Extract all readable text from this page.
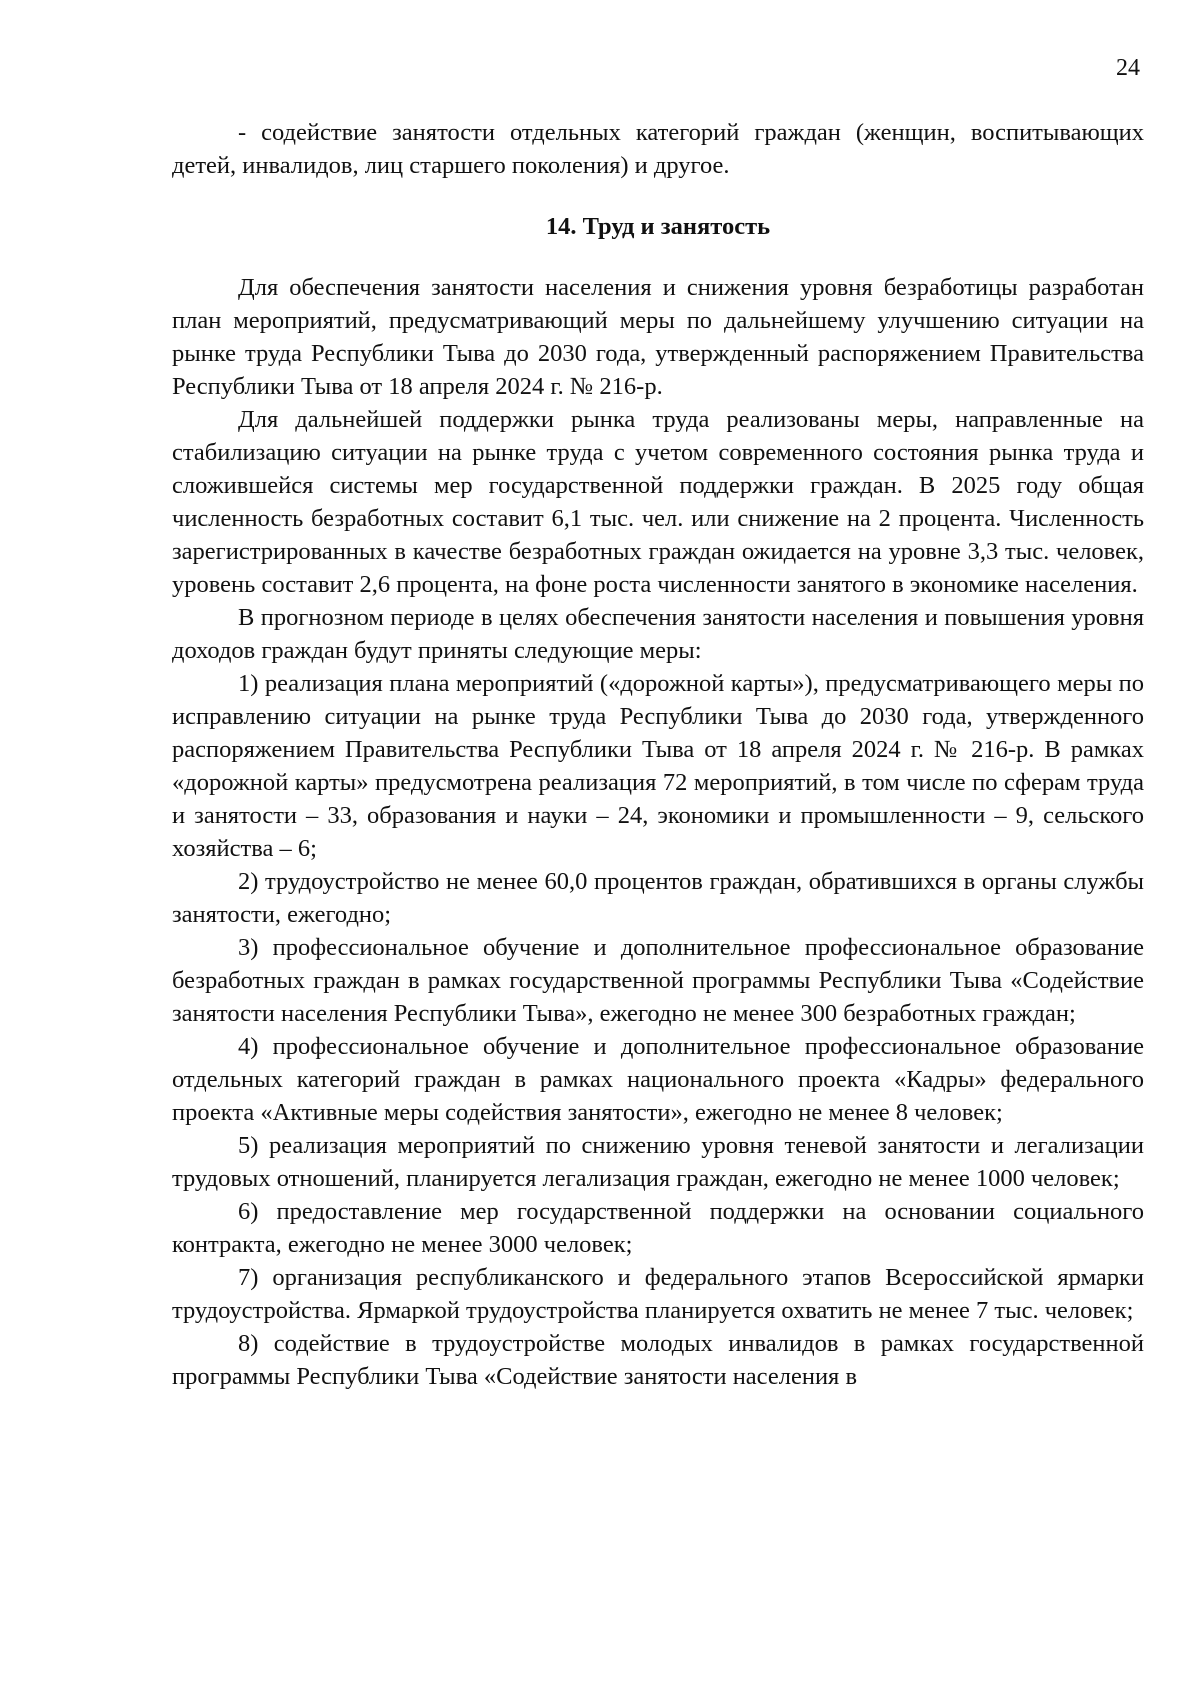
24

- содействие занятости отдельных категорий граждан (женщин, воспитывающих детей, инвалидов, лиц старшего поколения) и другое.

14. Труд и занятость

Для обеспечения занятости населения и снижения уровня безработицы разработан план мероприятий, предусматривающий меры по дальнейшему улучшению ситуации на рынке труда Республики Тыва до 2030 года, утвержденный распоряжением Правительства Республики Тыва от 18 апреля 2024 г. № 216-р.

Для дальнейшей поддержки рынка труда реализованы меры, направленные на стабилизацию ситуации на рынке труда с учетом современного состояния рынка труда и сложившейся системы мер государственной поддержки граждан. В 2025 году общая численность безработных составит 6,1 тыс. чел. или снижение на 2 процента. Численность зарегистрированных в качестве безработных граждан ожидается на уровне 3,3 тыс. человек, уровень составит 2,6 процента, на фоне роста численности занятого в экономике населения.

В прогнозном периоде в целях обеспечения занятости населения и повышения уровня доходов граждан будут приняты следующие меры:

1) реализация плана мероприятий («дорожной карты»), предусматривающего меры по исправлению ситуации на рынке труда Республики Тыва до 2030 года, утвержденного распоряжением Правительства Республики Тыва от 18 апреля 2024 г. № 216-р. В рамках «дорожной карты» предусмотрена реализация 72 мероприятий, в том числе по сферам труда и занятости – 33, образования и науки – 24, экономики и промышленности – 9, сельского хозяйства – 6;

2) трудоустройство не менее 60,0 процентов граждан, обратившихся в органы службы занятости, ежегодно;

3) профессиональное обучение и дополнительное профессиональное образование безработных граждан в рамках государственной программы Республики Тыва «Содействие занятости населения Республики Тыва», ежегодно не менее 300 безработных граждан;

4) профессиональное обучение и дополнительное профессиональное образование отдельных категорий граждан в рамках национального проекта «Кадры» федерального проекта «Активные меры содействия занятости», ежегодно не менее 8 человек;

5) реализация мероприятий по снижению уровня теневой занятости и легализации трудовых отношений, планируется легализация граждан, ежегодно не менее 1000 человек;

6) предоставление мер государственной поддержки на основании социального контракта, ежегодно не менее 3000 человек;

7) организация республиканского и федерального этапов Всероссийской ярмарки трудоустройства. Ярмаркой трудоустройства планируется охватить не менее 7 тыс. человек;

8) содействие в трудоустройстве молодых инвалидов в рамках государственной программы Республики Тыва «Содействие занятости населения в
